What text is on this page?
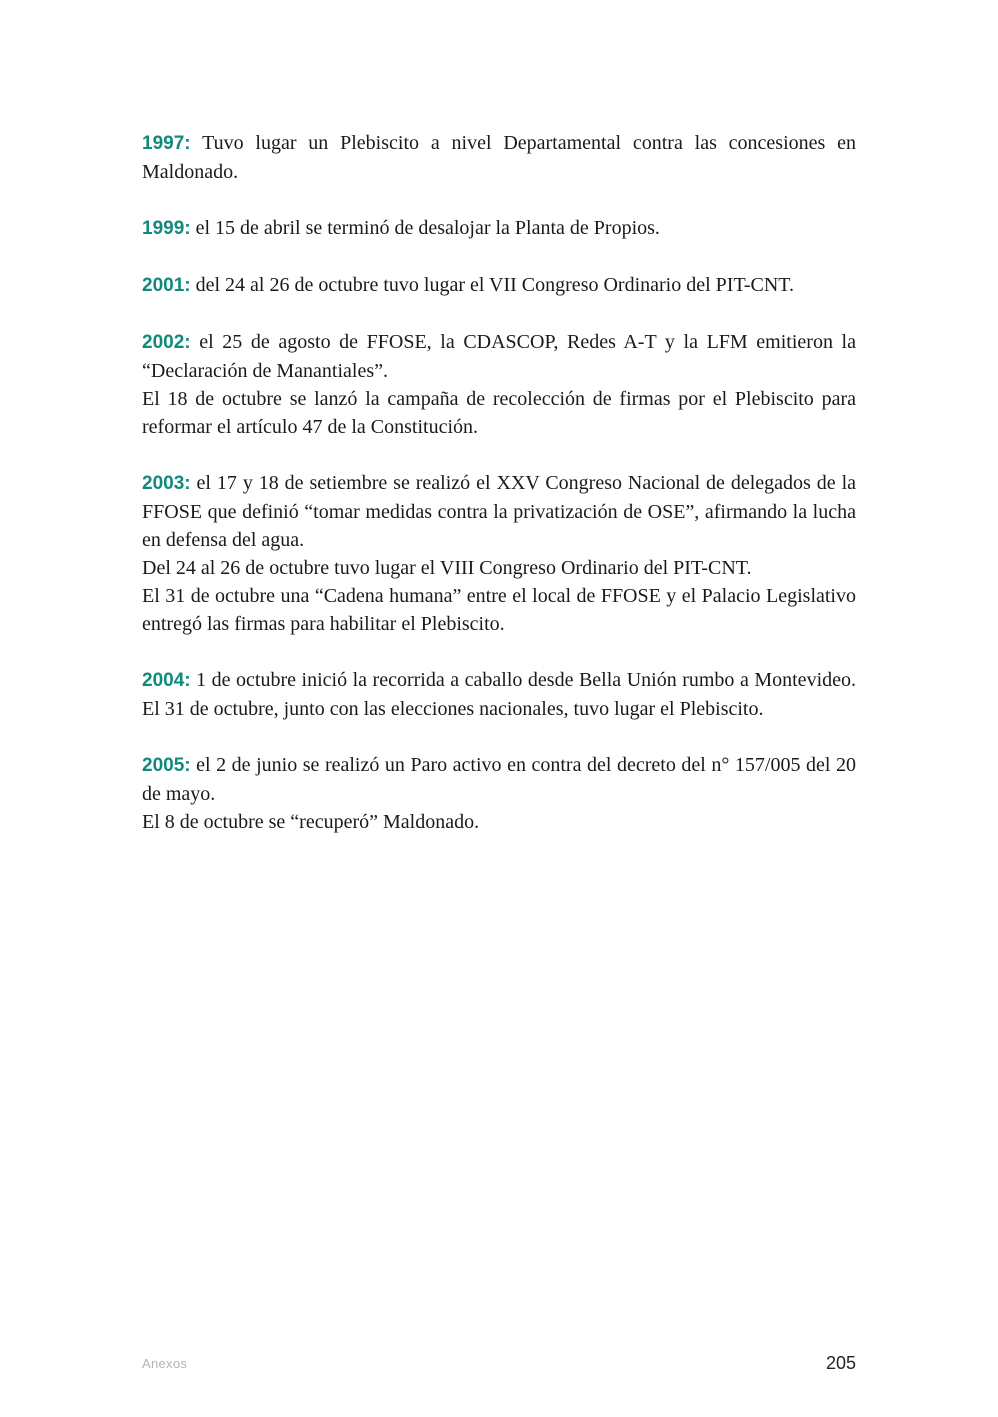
1997: Tuvo lugar un Plebiscito a nivel Departamental contra las concesiones en Maldonado.

1999: el 15 de abril se terminó de desalojar la Planta de Propios.

2001: del 24 al 26 de octubre tuvo lugar el VII Congreso Ordinario del PIT-CNT.

2002: el 25 de agosto de FFOSE, la CDASCOP, Redes A-T y la LFM emitieron la “Declaración de Manantiales”.

El 18 de octubre se lanzó la campaña de recolección de firmas por el Plebiscito para reformar el artículo 47 de la Constitución.

2003: el 17 y 18 de setiembre se realizó el XXV Congreso Nacional de delegados de la FFOSE que definió “tomar medidas contra la privatización de OSE”, afirmando la lucha en defensa del agua.

Del 24 al 26 de octubre tuvo lugar el VIII Congreso Ordinario del PIT-CNT.

El 31 de octubre una “Cadena humana” entre el local de FFOSE y el Palacio Legislativo entregó las firmas para habilitar el Plebiscito.

2004: 1 de octubre inició la recorrida a caballo desde Bella Unión rumbo a Montevideo. El 31 de octubre, junto con las elecciones nacionales, tuvo lugar el Plebiscito.

2005: el 2 de junio se realizó un Paro activo en contra del decreto del n° 157/005 del 20 de mayo.

El 8 de octubre se “recuperó” Maldonado.

Anexos	205
